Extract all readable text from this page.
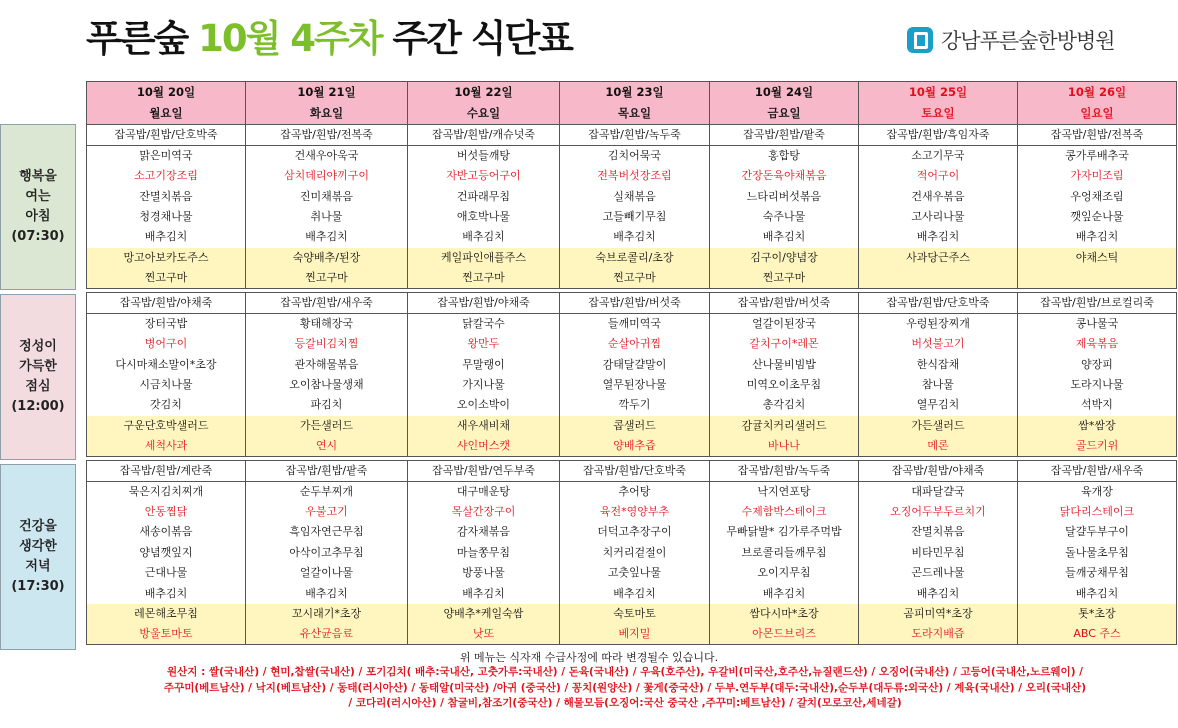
푸른숲 10월 4주차 주간 식단표	강남푸른숲한방병원
행복을
여는
아침
(07:30)
정성이
가득한
점심
(12:00)
건강을
생각한
저녁
(17:30)
10월 20일	10월 21일	10월 22일	10월 23일	10월 24일	10월 25일	10월 26일
월요일	화요일	수요일	목요일	금요일	토요일	일요일
잡곡밥/흰밥/단호박죽	잡곡밥/흰밥/전복죽	잡곡밥/흰밥/캐슈넛죽	잡곡밥/흰밥/녹두죽	잡곡밥/흰밥/팥죽	잡곡밥/흰밥/흑임자죽	잡곡밥/흰밥/전복죽
맑은미역국	건새우아욱국	버섯들깨탕	김치어묵국	홍합탕	소고기무국	콩가루배추국
소고기장조림	삼치데리야끼구이	자반고등어구이	전복버섯장조림	간장돈육야채볶음	적어구이	가자미조림
잔멸치볶음	진미채볶음	건파래무침	실채볶음	느타리버섯볶음	건새우볶음	우엉채조림
청경채나물	취나물	애호박나물	고들빼기무침	숙주나물	고사리나물	깻잎순나물
배추김치	배추김치	배추김치	배추김치	배추김치	배추김치	배추김치
망고아보카도주스	숙양배추/된장	케일파인애플주스	숙브로콜리/초장	김구이/양념장	사과당근주스	야채스틱
찐고구마	찐고구마	찐고구마	찐고구마	찐고구마		

잡곡밥/흰밥/야채죽	잡곡밥/흰밥/새우죽	잡곡밥/흰밥/야채죽	잡곡밥/흰밥/버섯죽	잡곡밥/흰밥/버섯죽	잡곡밥/흰밥/단호박죽	잡곡밥/흰밥/브로컬리죽
장터국밥	황태해장국	닭칼국수	들깨미역국	얼갈이된장국	우렁된장찌개	콩나물국
병어구이	등갈비김치찜	왕만두	순살아귀찜	갈치구이*레몬	버섯불고기	제육볶음
다시마채소말이*초장	관자해물볶음	무말랭이	감태달걀말이	산나물비빔밥	한식잡채	양장피
시금치나물	오이참나물생채	가지나물	열무된장나물	미역오이초무침	참나물	도라지나물
갓김치	파김치	오이소박이	깍두기	총각김치	열무김치	석박지
구운단호박샐러드	가든샐러드	새우새비채	콥샐러드	감귤치커리샐러드	가든샐러드	쌈*쌈장
세척사과	연시	샤인머스캣	양배추즙	바나나	메론	골드키위

잡곡밥/흰밥/계란죽	잡곡밥/흰밥/팥죽	잡곡밥/흰밥/연두부죽	잡곡밥/흰밥/단호박죽	잡곡밥/흰밥/녹두죽	잡곡밥/흰밥/야채죽	잡곡밥/흰밥/새우죽
묵은지김치찌개	순두부찌개	대구매운탕	추어탕	낙지연포탕	대파달걀국	육개장
안동찜닭	우불고기	목살간장구이	육전*영양부추	수제함박스테이크	오징어두부두르치기	닭다리스테이크
새송이볶음	흑임자연근무침	감자채볶음	더덕고추장구이	무빠닭발* 김가루주먹밥	잔멸치볶음	달걀두부구이
양념깻잎지	아삭이고추무침	마늘쫑무침	치커리겉절이	브로콜리들깨무침	비타민무침	돌나물초무침
근대나물	얼갈이나물	방풍나물	고춧잎나물	오이지무침	곤드레나물	들깨궁채무침
배추김치	배추김치	배추김치	배추김치	배추김치	배추김치	배추김치
레몬해초무침	꼬시래기*초장	양배추*케일숙쌈	숙토마토	쌈다시마*초장	곰피미역*초장	톳*초장
방울토마토	유산균음료	낫또	베지밀	아몬드브리즈	도라지배즙	ABC 주스
위 메뉴는 식자재 수급사정에 따라 변경될수 있습니다.
원산지 : 쌀(국내산) / 현미,찹쌀(국내산) / 포기김치( 배추:국내산, 고춧가루:국내산) / 돈육(국내산) / 우육(호주산), 우갈비(미국산,호주산,뉴질랜드산) / 오징어(국내산) / 고등어(국내산,노르웨이) /
주꾸미(베트남산) / 낙지(베트남산) / 동태(러시아산) / 동태알(미국산) /아귀 (중국산) / 꽁치(원양산) / 꽃게(중국산) / 두부.연두부(대두:국내산),순두부(대두류:외국산) / 계육(국내산) / 오리(국내산)
/ 코다리(러시아산) / 참굴비,참조기(중국산) / 해물모듬(오징어:국산 중국산 ,주꾸미:베트남산) / 갈치(모로코산,세네갈)
